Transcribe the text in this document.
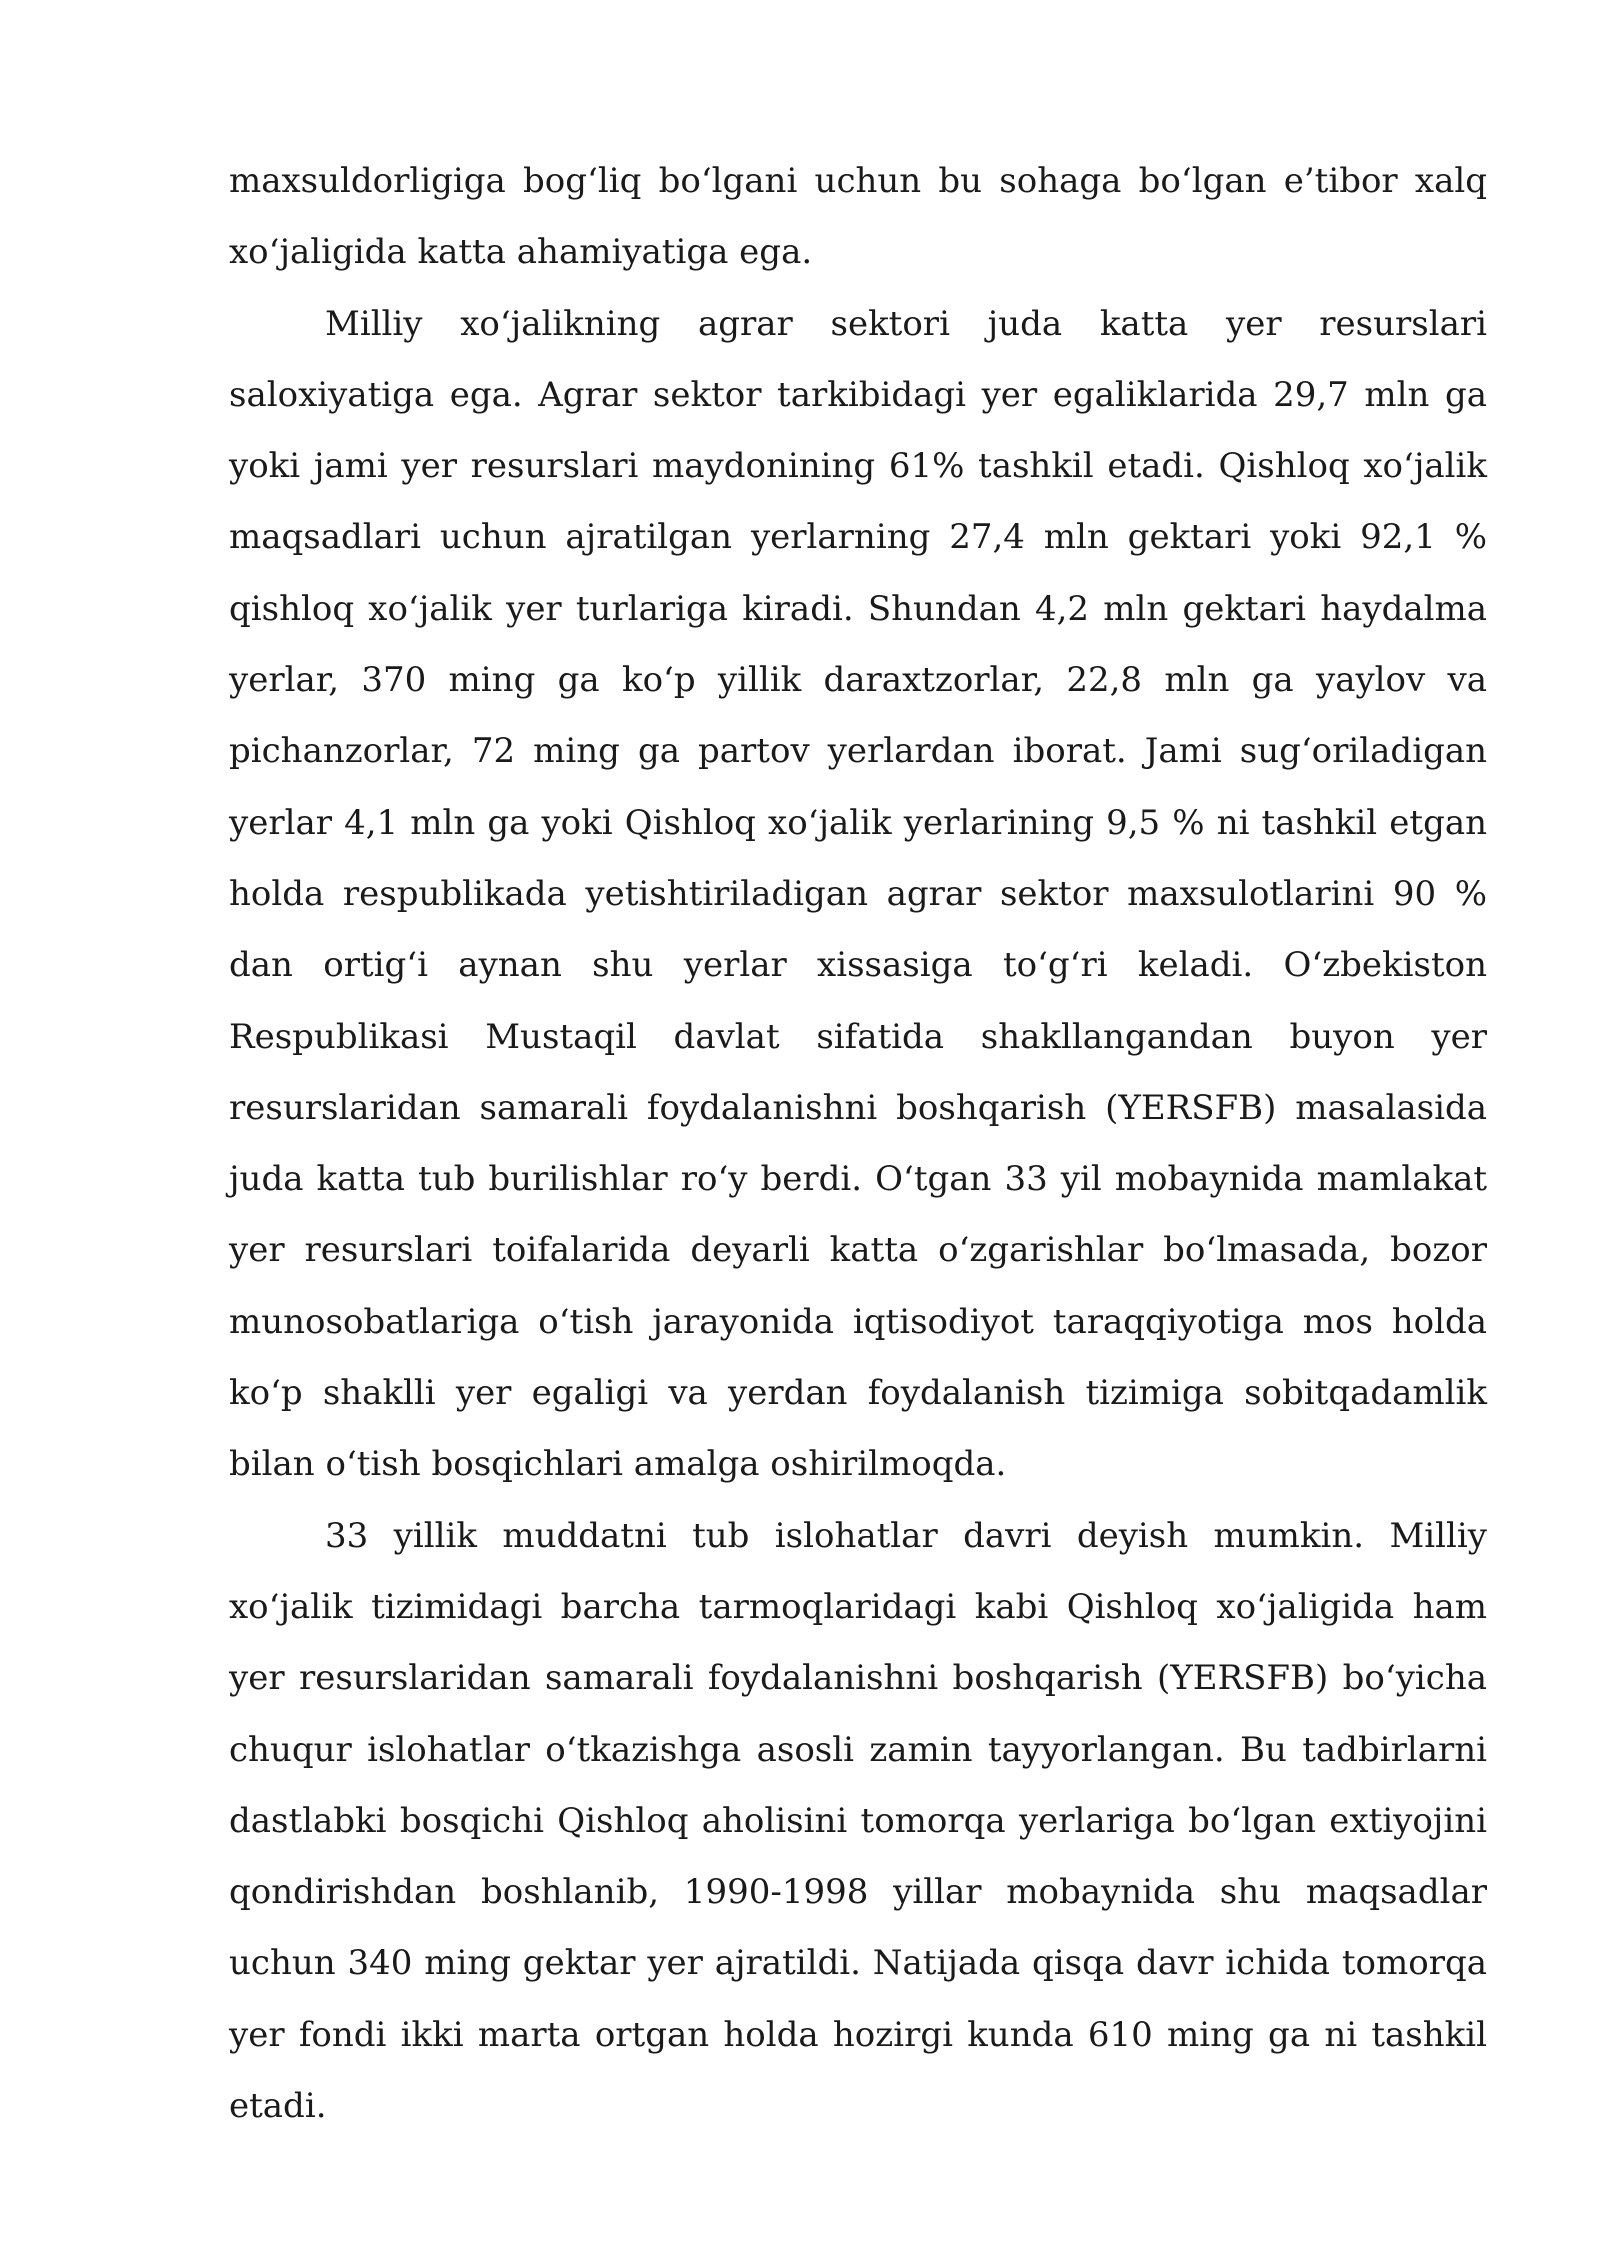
maxsuldorligiga bog‘liq bo‘lgani uchun bu sohaga bo‘lgan e’tibor xalq xo‘jaligida katta ahamiyatiga ega.

Milliy xo‘jalikning agrar sektori juda katta yer resurslari saloxiyatiga ega. Agrar sektor tarkibidagi yer egaliklarida 29,7 mln ga yoki jami yer resurslari maydonining 61% tashkil etadi. Qishloq xo‘jalik maqsadlari uchun ajratilgan yerlarning 27,4 mln gektari yoki 92,1 % qishloq xo‘jalik yer turlariga kiradi. Shundan 4,2 mln gektari haydalma yerlar, 370 ming ga ko‘p yillik daraxtzorlar, 22,8 mln ga yaylov va pichanzorlar, 72 ming ga partov yerlardan iborat. Jami sug‘oriladigan yerlar 4,1 mln ga yoki Qishloq xo‘jalik yerlarining 9,5 % ni tashkil etgan holda respublikada yetishtiriladigan agrar sektor maxsulotlarini 90 % dan ortig‘i aynan shu yerlar xissasiga to‘g‘ri keladi. O‘zbekiston Respublikasi Mustaqil davlat sifatida shakllangandan buyon yer resurslaridan samarali foydalanishni boshqarish (YERSFB) masalasida juda katta tub burilishlar ro‘y berdi. O‘tgan 33 yil mobaynida mamlakat yer resurslari toifalarida deyarli katta o‘zgarishlar bo‘lmasada, bozor munosobatlariga o‘tish jarayonida iqtisodiyot taraqqiyotiga mos holda ko‘p shaklli yer egaligi va yerdan foydalanish tizimiga sobitqadamlik bilan o‘tish bosqichlari amalga oshirilmoqda.

33 yillik muddatni tub islohatlar davri deyish mumkin. Milliy xo‘jalik tizimidagi barcha tarmoqlaridagi kabi Qishloq xo‘jaligida ham yer resurslaridan samarali foydalanishni boshqarish (YERSFB) bo‘yicha chuqur islohatlar o‘tkazishga asosli zamin tayyorlangan. Bu tadbirlarni dastlabki bosqichi Qishloq aholisini tomorqa yerlariga bo‘lgan extiyojini qondirishdan boshlanib, 1990-1998 yillar mobaynida shu maqsadlar uchun 340 ming gektar yer ajratildi. Natijada qisqa davr ichida tomorqa yer fondi ikki marta ortgan holda hozirgi kunda 610 ming ga ni tashkil etadi.
